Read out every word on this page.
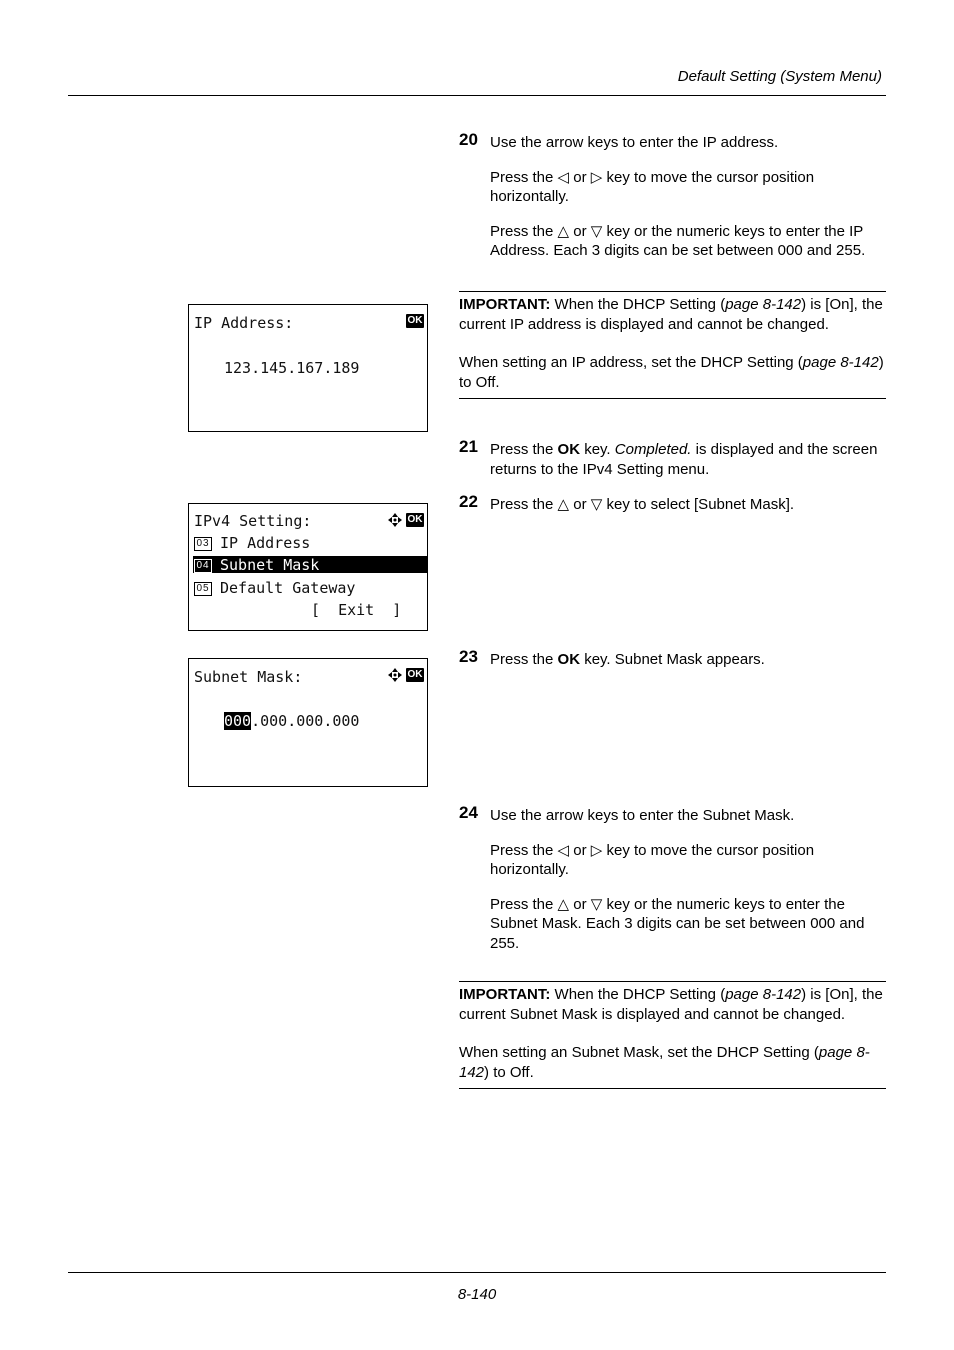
Default Setting (System Menu)
20 Use the arrow keys to enter the IP address.

Press the ◁ or ▷ key to move the cursor position horizontally.

Press the △ or ▽ key or the numeric keys to enter the IP Address. Each 3 digits can be set between 000 and 255.

IMPORTANT: When the DHCP Setting (page 8-142) is [On], the current IP address is displayed and cannot be changed.

When setting an IP address, set the DHCP Setting (page 8-142) to Off.

IP Address:	OK
123.145.167.189
21 Press the OK key. Completed. is displayed and the screen returns to the IPv4 Setting menu.

22 Press the △ or ▽ key to select [Subnet Mask].

IPv4 Setting:	OK
03 IP Address
04 Subnet Mask
05 Default Gateway
[  Exit  ]
23 Press the OK key. Subnet Mask appears.

Subnet Mask:	OK
000.000.000.000
24 Use the arrow keys to enter the Subnet Mask.

Press the ◁ or ▷ key to move the cursor position horizontally.

Press the △ or ▽ key or the numeric keys to enter the Subnet Mask. Each 3 digits can be set between 000 and 255.

IMPORTANT: When the DHCP Setting (page 8-142) is [On], the current Subnet Mask is displayed and cannot be changed.

When setting an Subnet Mask, set the DHCP Setting (page 8-142) to Off.

8-140
